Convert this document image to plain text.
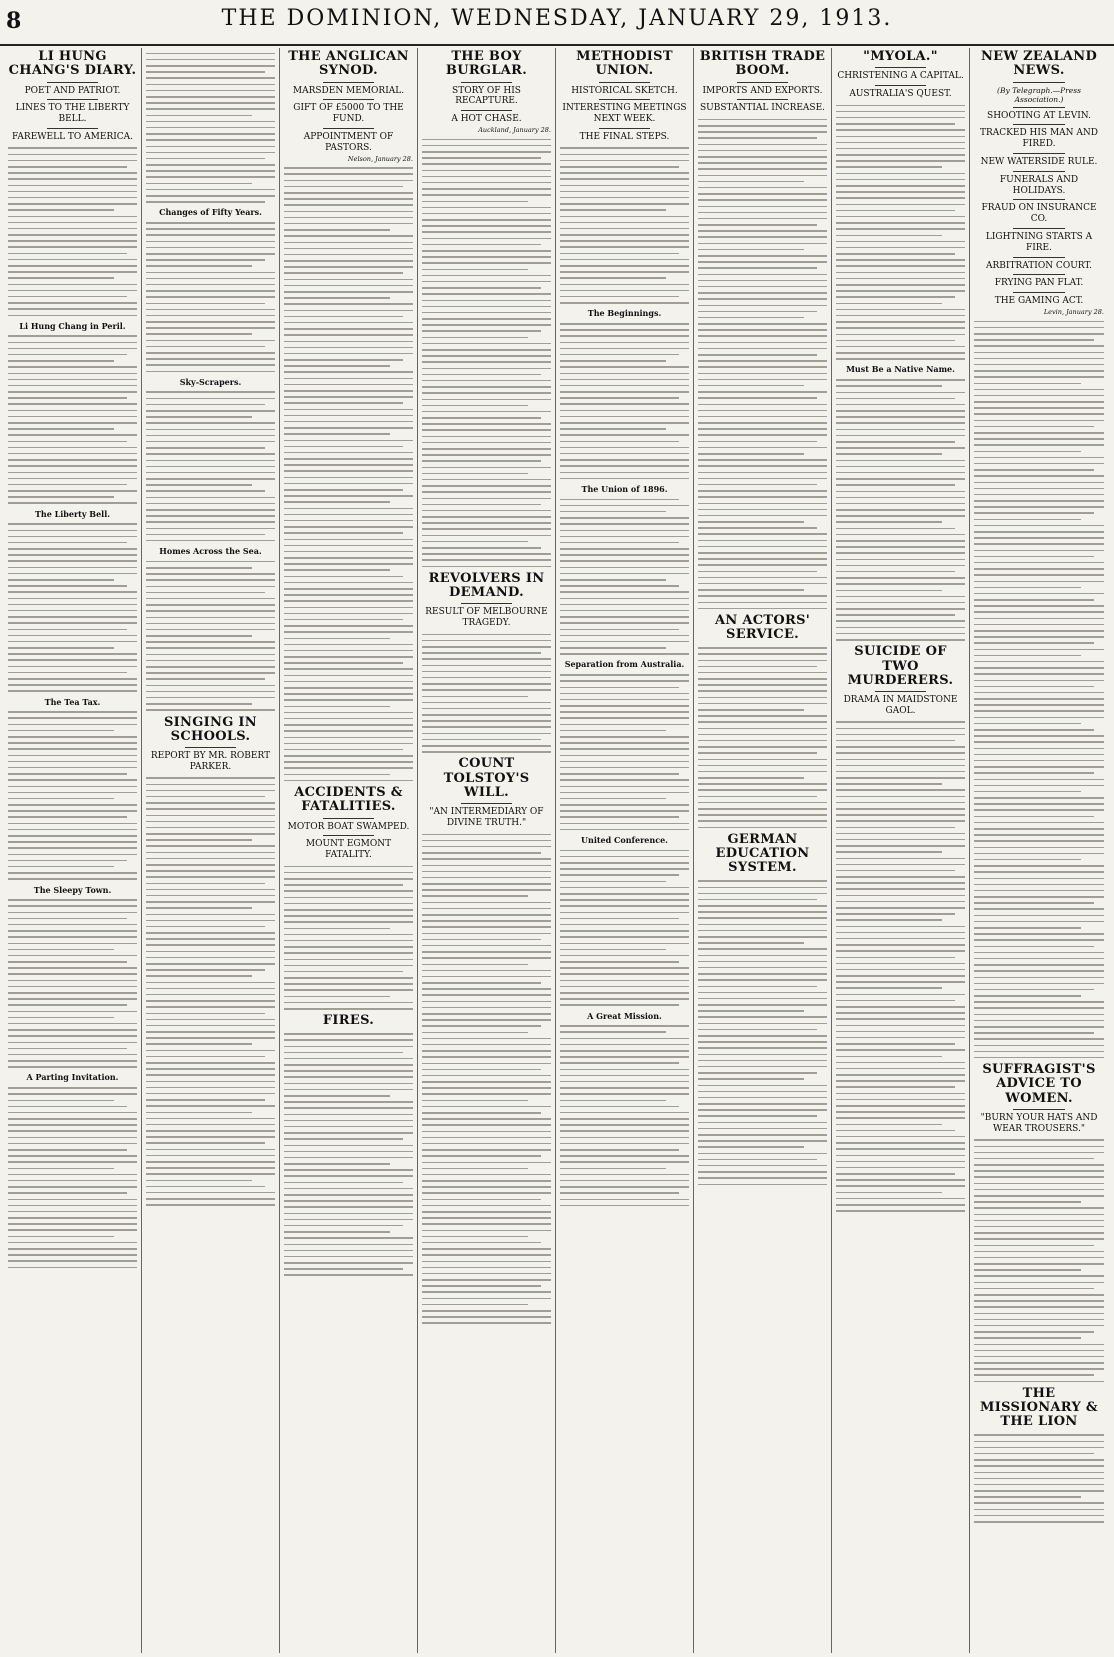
8	THE DOMINION, WEDNESDAY, JANUARY 29, 1913.
LI HUNG CHANG'S DIARY.
POET AND PATRIOT.
LINES TO THE LIBERTY BELL.
FAREWELL TO AMERICA.
Li Hung Chang in Peril.
The Liberty Bell.
The Tea Tax.
The Sleepy Town.
A Parting Invitation.
Changes of Fifty Years.
Sky-Scrapers.
Homes Across the Sea.
SINGING IN SCHOOLS.
REPORT BY MR. ROBERT PARKER.
THE ANGLICAN SYNOD.
MARSDEN MEMORIAL.
GIFT OF £5000 TO THE FUND.
APPOINTMENT OF PASTORS.
Nelson, January 28.
ACCIDENTS & FATALITIES.
MOTOR BOAT SWAMPED.
MOUNT EGMONT FATALITY.
FIRES.
THE BOY BURGLAR.
STORY OF HIS RECAPTURE.
A HOT CHASE.
Auckland, January 28.
REVOLVERS IN DEMAND.
RESULT OF MELBOURNE TRAGEDY.
COUNT TOLSTOY'S WILL.
"AN INTERMEDIARY OF DIVINE TRUTH."
METHODIST UNION.
HISTORICAL SKETCH.
INTERESTING MEETINGS NEXT WEEK.
THE FINAL STEPS.
The Beginnings.
The Union of 1896.
Separation from Australia.
United Conference.
A Great Mission.
BRITISH TRADE BOOM.
IMPORTS AND EXPORTS.
SUBSTANTIAL INCREASE.
AN ACTORS' SERVICE.
GERMAN EDUCATION SYSTEM.
"MYOLA."
CHRISTENING A CAPITAL.
AUSTRALIA'S QUEST.
Must Be a Native Name.
SUICIDE OF TWO MURDERERS.
DRAMA IN MAIDSTONE GAOL.
NEW ZEALAND NEWS.
(By Telegraph.—Press Association.)
SHOOTING AT LEVIN.
TRACKED HIS MAN AND FIRED.
NEW WATERSIDE RULE.
FUNERALS AND HOLIDAYS.
FRAUD ON INSURANCE CO.
LIGHTNING STARTS A FIRE.
ARBITRATION COURT.
FRYING PAN FLAT.
THE GAMING ACT.
Levin, January 28.
SUFFRAGIST'S ADVICE TO WOMEN.
"BURN YOUR HATS AND WEAR TROUSERS."
THE MISSIONARY & THE LION
